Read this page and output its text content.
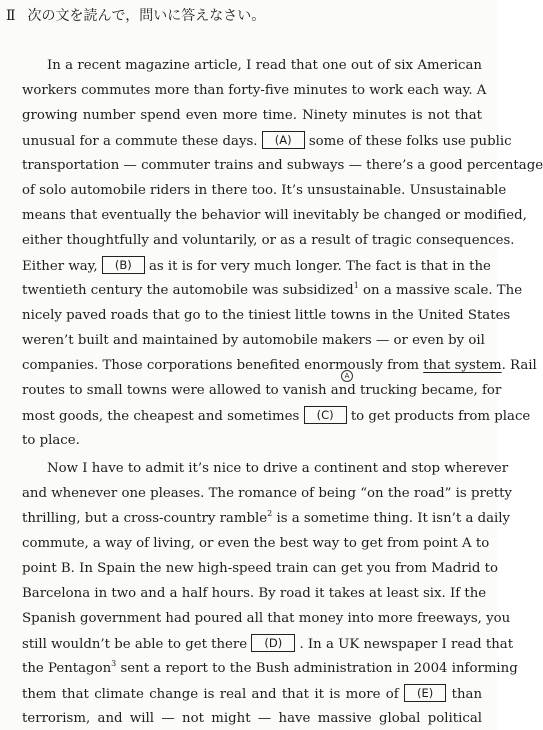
Ⅱ 次の文を読んで，問いに答えなさい。
In a recent magazine article, I read that one out of six American
workers commutes more than forty-five minutes to work each way. A
growing number spend even more time. Ninety minutes is not that
unusual for a commute these days. (A) some of these folks use public
transportation — commuter trains and subways — there’s a good percentage
of solo automobile riders in there too. It’s unsustainable. Unsustainable
means that eventually the behavior will inevitably be changed or modified,
either thoughtfully and voluntarily, or as a result of tragic consequences.
Either way, (B) as it is for very much longer. The fact is that in the
twentieth century the automobile was subsidized$^1$ on a massive scale. The
nicely paved roads that go to the tiniest little towns in the United States
weren’t built and maintained by automobile makers — or even by oil
companies. Those corporations benefited enormously from that system. Rail
A
routes to small towns were allowed to vanish and trucking became, for
most goods, the cheapest and sometimes (C) to get products from place
to place.
Now I have to admit it’s nice to drive a continent and stop wherever
and whenever one pleases. The romance of being “on the road” is pretty
thrilling, but a cross-country ramble$^2$ is a sometime thing. It isn’t a daily
commute, a way of living, or even the best way to get from point A to
point B. In Spain the new high-speed train can get you from Madrid to
Barcelona in two and a half hours. By road it takes at least six. If the
Spanish government had poured all that money into more freeways, you
still wouldn’t be able to get there (D) . In a UK newspaper I read that
the Pentagon$^3$ sent a report to the Bush administration in 2004 informing
them that climate change is real and that it is more of (E) than
terrorism, and will — not might — have massive global political
